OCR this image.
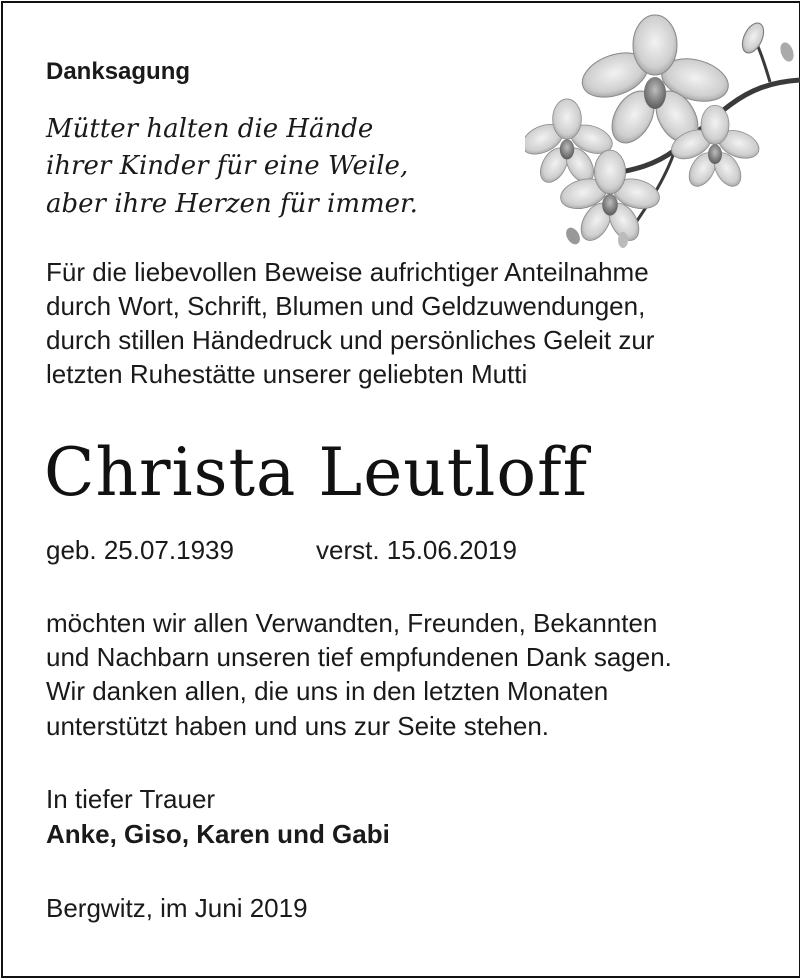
Danksagung
Mütter halten die Hände
ihrer Kinder für eine Weile,
aber ihre Herzen für immer.
Für die liebevollen Beweise aufrichtiger Anteilnahme
durch Wort, Schrift, Blumen und Geldzuwendungen,
durch stillen Händedruck und persönliches Geleit zur
letzten Ruhestätte unserer geliebten Mutti
Christa Leutloff
geb. 25.07.1939	verst. 15.06.2019
möchten wir allen Verwandten, Freunden, Bekannten
und Nachbarn unseren tief empfundenen Dank sagen.
Wir danken allen, die uns in den letzten Monaten
unterstützt haben und uns zur Seite stehen.
In tiefer Trauer
Anke, Giso, Karen und Gabi
Bergwitz, im Juni 2019
